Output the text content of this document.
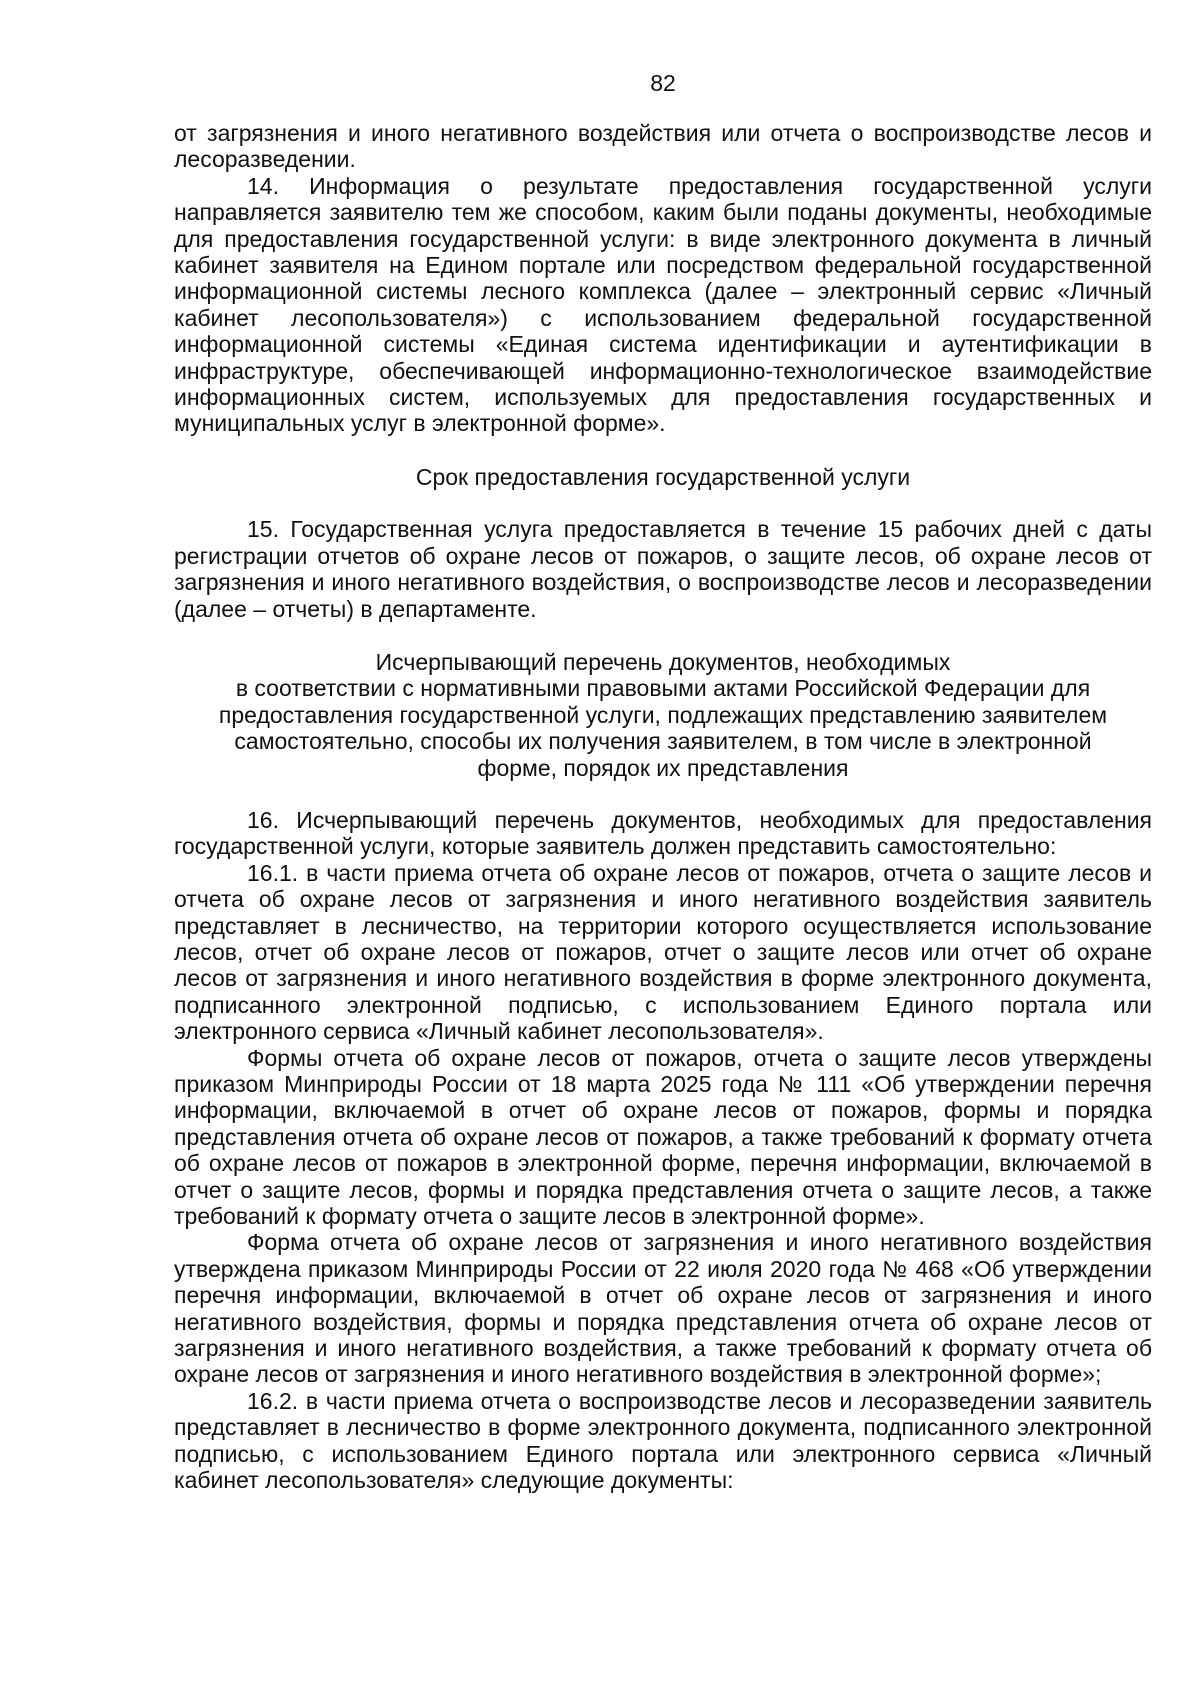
82

от загрязнения и иного негативного воздействия или отчета о воспроизводстве лесов и лесоразведении.

14. Информация о результате предоставления государственной услуги направляется заявителю тем же способом, каким были поданы документы, необходимые для предоставления государственной услуги: в виде электронного документа в личный кабинет заявителя на Едином портале или посредством федеральной государственной информационной системы лесного комплекса (далее – электронный сервис «Личный кабинет лесопользователя») с использованием федеральной государственной информационной системы «Единая система идентификации и аутентификации в инфраструктуре, обеспечивающей информационно-технологическое взаимодействие информационных систем, используемых для предоставления государственных и муниципальных услуг в электронной форме».

Срок предоставления государственной услуги

15. Государственная услуга предоставляется в течение 15 рабочих дней с даты регистрации отчетов об охране лесов от пожаров, о защите лесов, об охране лесов от загрязнения и иного негативного воздействия, о воспроизводстве лесов и лесоразведении (далее – отчеты) в департаменте.

Исчерпывающий перечень документов, необходимых
в соответствии с нормативными правовыми актами Российской Федерации для
предоставления государственной услуги, подлежащих представлению заявителем
самостоятельно, способы их получения заявителем, в том числе в электронной
форме, порядок их представления

16. Исчерпывающий перечень документов, необходимых для предоставления государственной услуги, которые заявитель должен представить самостоятельно:

16.1. в части приема отчета об охране лесов от пожаров, отчета о защите лесов и отчета об охране лесов от загрязнения и иного негативного воздействия заявитель представляет в лесничество, на территории которого осуществляется использование лесов, отчет об охране лесов от пожаров, отчет о защите лесов или отчет об охране лесов от загрязнения и иного негативного воздействия в форме электронного документа, подписанного электронной подписью, с использованием Единого портала или электронного сервиса «Личный кабинет лесопользователя».

Формы отчета об охране лесов от пожаров, отчета о защите лесов утверждены приказом Минприроды России от 18 марта 2025 года № 111 «Об утверждении перечня информации, включаемой в отчет об охране лесов от пожаров, формы и порядка представления отчета об охране лесов от пожаров, а также требований к формату отчета об охране лесов от пожаров в электронной форме, перечня информации, включаемой в отчет о защите лесов, формы и порядка представления отчета о защите лесов, а также требований к формату отчета о защите лесов в электронной форме».

Форма отчета об охране лесов от загрязнения и иного негативного воздействия утверждена приказом Минприроды России от 22 июля 2020 года № 468 «Об утверждении перечня информации, включаемой в отчет об охране лесов от загрязнения и иного негативного воздействия, формы и порядка представления отчета об охране лесов от загрязнения и иного негативного воздействия, а также требований к формату отчета об охране лесов от загрязнения и иного негативного воздействия в электронной форме»;

16.2. в части приема отчета о воспроизводстве лесов и лесоразведении заявитель представляет в лесничество в форме электронного документа, подписанного электронной подписью, с использованием Единого портала или электронного сервиса «Личный кабинет лесопользователя» следующие документы:
